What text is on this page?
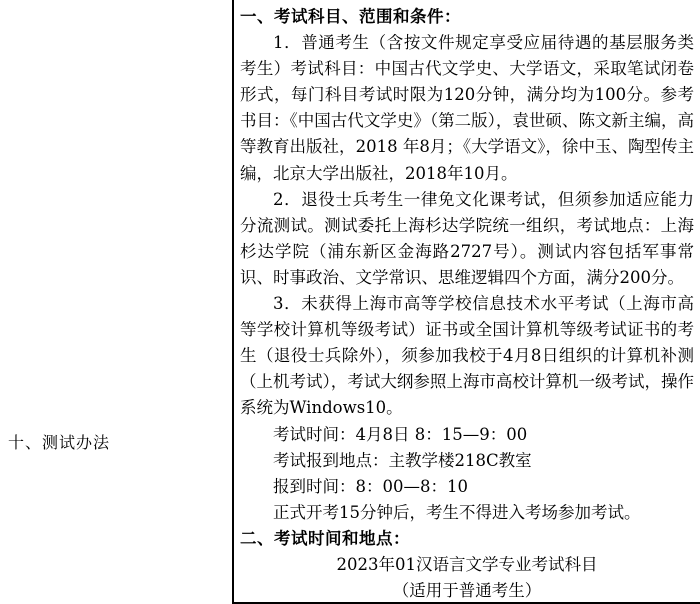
十、测试办法

一、考试科目、范围和条件：

1．普通考生（含按文件规定享受应届待遇的基层服务类考生）考试科目：中国古代文学史、大学语文，采取笔试闭卷形式，每门科目考试时限为120分钟，满分均为100分。参考书目：《中国古代文学史》（第二版），袁世硕、陈文新主编，高等教育出版社，2018 年8月；《大学语文》，徐中玉、陶型传主编，北京大学出版社，2018年10月。

2．退役士兵考生一律免文化课考试，但须参加适应能力分流测试。测试委托上海杉达学院统一组织，考试地点：上海杉达学院（浦东新区金海路2727号）。测试内容包括军事常识、时事政治、文学常识、思维逻辑四个方面，满分200分。

3．未获得上海市高等学校信息技术水平考试（上海市高等学校计算机等级考试）证书或全国计算机等级考试证书的考生（退役士兵除外），须参加我校于4月8日组织的计算机补测（上机考试），考试大纲参照上海市高校计算机一级考试，操作系统为Windows10。

考试时间：4月8日 8：15—9：00

考试报到地点：主教学楼218C教室

报到时间：8：00—8：10

正式开考15分钟后，考生不得进入考场参加考试。

二、考试时间和地点：

2023年01汉语言文学专业考试科目

（适用于普通考生）
